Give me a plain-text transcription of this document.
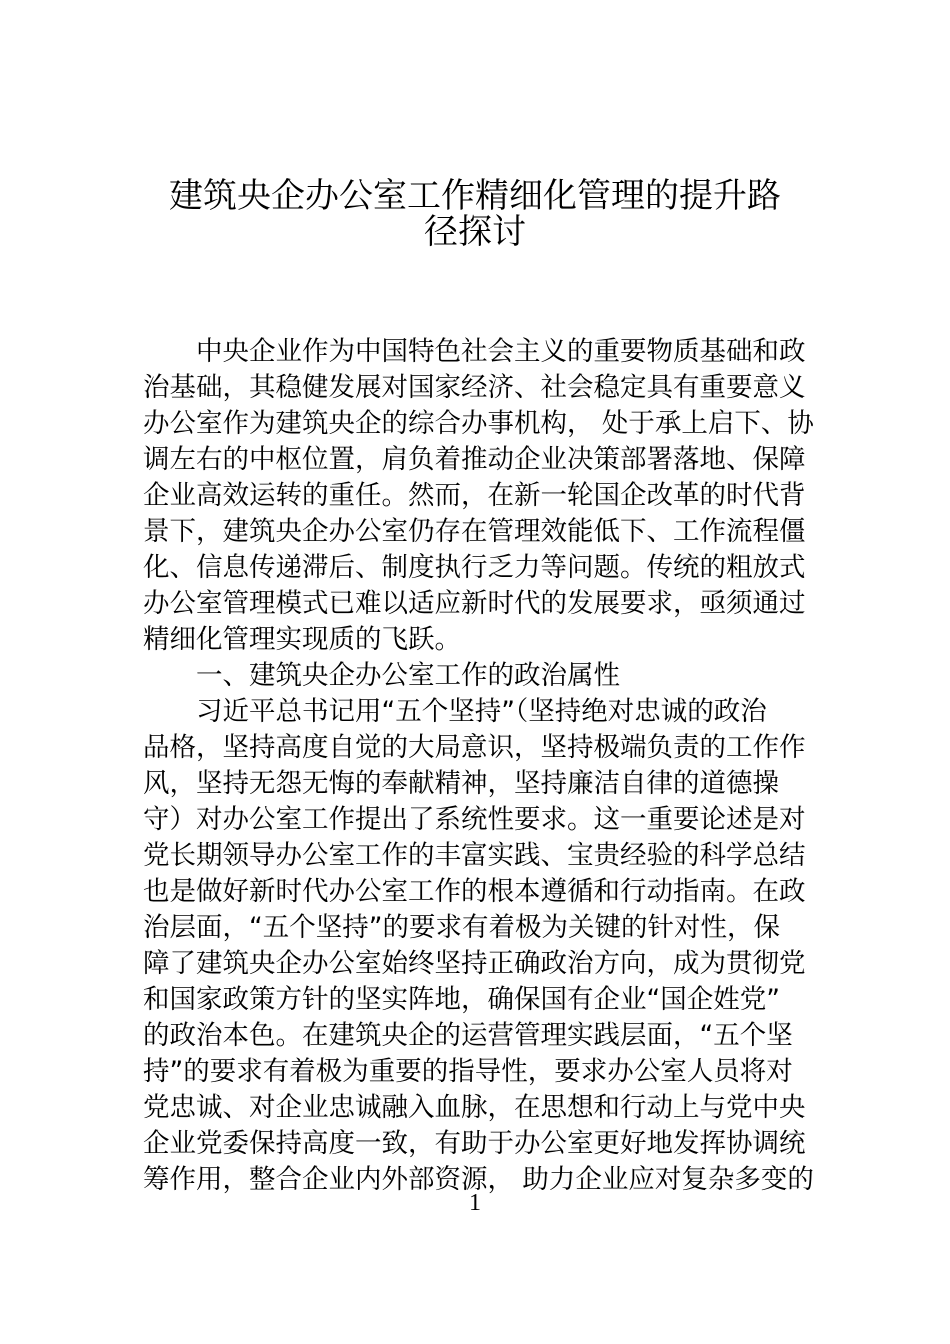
建筑央企办公室工作精细化管理的提升路
径探讨
中央企业作为中国特色社会主义的重要物质基础和政
治基础，其稳健发展对国家经济、社会稳定具有重要意义
办公室作为建筑央企的综合办事机构， 处于承上启下、协
调左右的中枢位置，肩负着推动企业决策部署落地、保障
企业高效运转的重任。然而，在新一轮国企改革的时代背
景下，建筑央企办公室仍存在管理效能低下、工作流程僵
化、信息传递滞后、制度执行乏力等问题。传统的粗放式
办公室管理模式已难以适应新时代的发展要求，亟须通过
精细化管理实现质的飞跃。
一、建筑央企办公室工作的政治属性
习近平总书记用“五个坚持”（坚持绝对忠诚的政治
品格，坚持高度自觉的大局意识，坚持极端负责的工作作
风，坚持无怨无悔的奉献精神，坚持廉洁自律的道德操
守）对办公室工作提出了系统性要求。这一重要论述是对
党长期领导办公室工作的丰富实践、宝贵经验的科学总结
也是做好新时代办公室工作的根本遵循和行动指南。在政
治层面，“五个坚持”的要求有着极为关键的针对性，保
障了建筑央企办公室始终坚持正确政治方向，成为贯彻党
和国家政策方针的坚实阵地，确保国有企业“国企姓党”
的政治本色。在建筑央企的运营管理实践层面，“五个坚
持”的要求有着极为重要的指导性，要求办公室人员将对
党忠诚、对企业忠诚融入血脉，在思想和行动上与党中央
企业党委保持高度一致，有助于办公室更好地发挥协调统
筹作用，整合企业内外部资源， 助力企业应对复杂多变的
1
